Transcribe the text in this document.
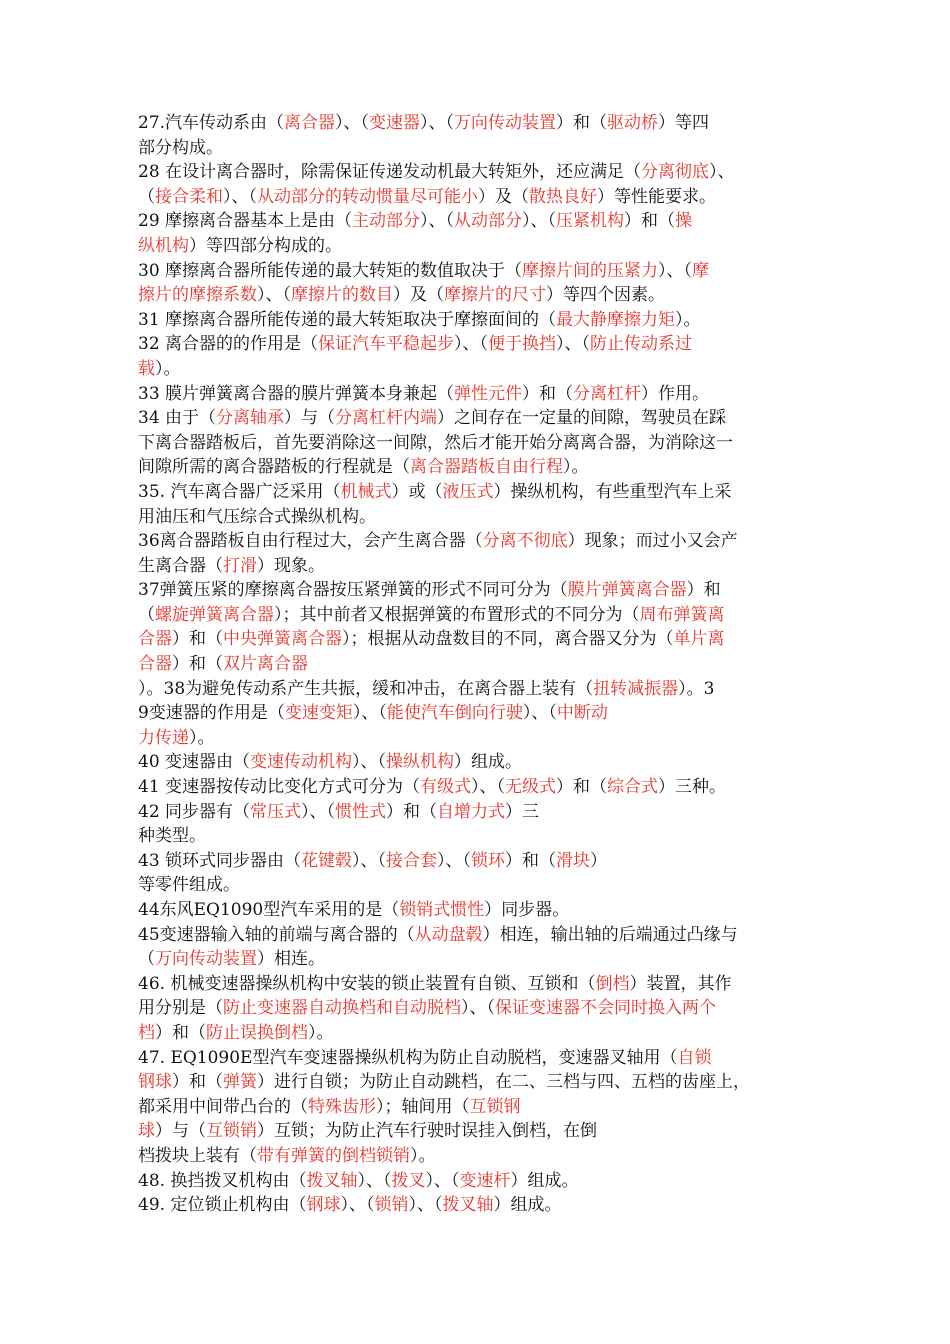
27.汽车传动系由（离合器）、（变速器）、（万向传动装置）和（驱动桥）等四
部分构成。
28 在设计离合器时，除需保证传递发动机最大转矩外，还应满足（分离彻底）、
（接合柔和）、（从动部分的转动惯量尽可能小）及（散热良好）等性能要求。
29 摩擦离合器基本上是由（主动部分）、（从动部分）、（压紧机构）和（操
纵机构）等四部分构成的。
30 摩擦离合器所能传递的最大转矩的数值取决于（摩擦片间的压紧力）、（摩
擦片的摩擦系数）、（摩擦片的数目）及（摩擦片的尺寸）等四个因素。
31 摩擦离合器所能传递的最大转矩取决于摩擦面间的（最大静摩擦力矩）。
32 离合器的的作用是（保证汽车平稳起步）、（便于换挡）、（防止传动系过
载）。
33 膜片弹簧离合器的膜片弹簧本身兼起（弹性元件）和（分离杠杆）作用。
34 由于（分离轴承）与（分离杠杆内端）之间存在一定量的间隙，驾驶员在踩
下离合器踏板后，首先要消除这一间隙，然后才能开始分离离合器，为消除这一
间隙所需的离合器踏板的行程就是（离合器踏板自由行程）。
35. 汽车离合器广泛采用（机械式）或（液压式）操纵机构，有些重型汽车上采
用油压和气压综合式操纵机构。
36离合器踏板自由行程过大，会产生离合器（分离不彻底）现象；而过小又会产
生离合器（打滑）现象。
37弹簧压紧的摩擦离合器按压紧弹簧的形式不同可分为（膜片弹簧离合器）和
（螺旋弹簧离合器）；其中前者又根据弹簧的布置形式的不同分为（周布弹簧离
合器）和（中央弹簧离合器）；根据从动盘数目的不同，离合器又分为（单片离
合器）和（双片离合器
）。38为避免传动系产生共振，缓和冲击，在离合器上装有（扭转减振器）。3
9变速器的作用是（变速变矩）、（能使汽车倒向行驶）、（中断动
力传递）。
40 变速器由（变速传动机构）、（操纵机构）组成。
41 变速器按传动比变化方式可分为（有级式）、（无级式）和（综合式）三种。
42 同步器有（常压式）、（惯性式）和（自增力式）三
种类型。
43 锁环式同步器由（花键毂）、（接合套）、（锁环）和（滑块）
等零件组成。
44东风EQ1090型汽车采用的是（锁销式惯性）同步器。
45变速器输入轴的前端与离合器的（从动盘毂）相连，输出轴的后端通过凸缘与
（万向传动装置）相连。
46. 机械变速器操纵机构中安装的锁止装置有自锁、互锁和（倒档）装置，其作
用分别是（防止变速器自动换档和自动脱档）、（保证变速器不会同时换入两个
档）和（防止误换倒档）。
47. EQ1090E型汽车变速器操纵机构为防止自动脱档，变速器叉轴用（自锁
钢球）和（弹簧）进行自锁；为防止自动跳档，在二、三档与四、五档的齿座上，
都采用中间带凸台的（特殊齿形）；轴间用（互锁钢
球）与（互锁销）互锁；为防止汽车行驶时误挂入倒档，在倒
档拨块上装有（带有弹簧的倒档锁销）。
48. 换挡拨叉机构由（拨叉轴）、（拨叉）、（变速杆）组成。
49. 定位锁止机构由（钢球）、（锁销）、（拨叉轴）组成。
